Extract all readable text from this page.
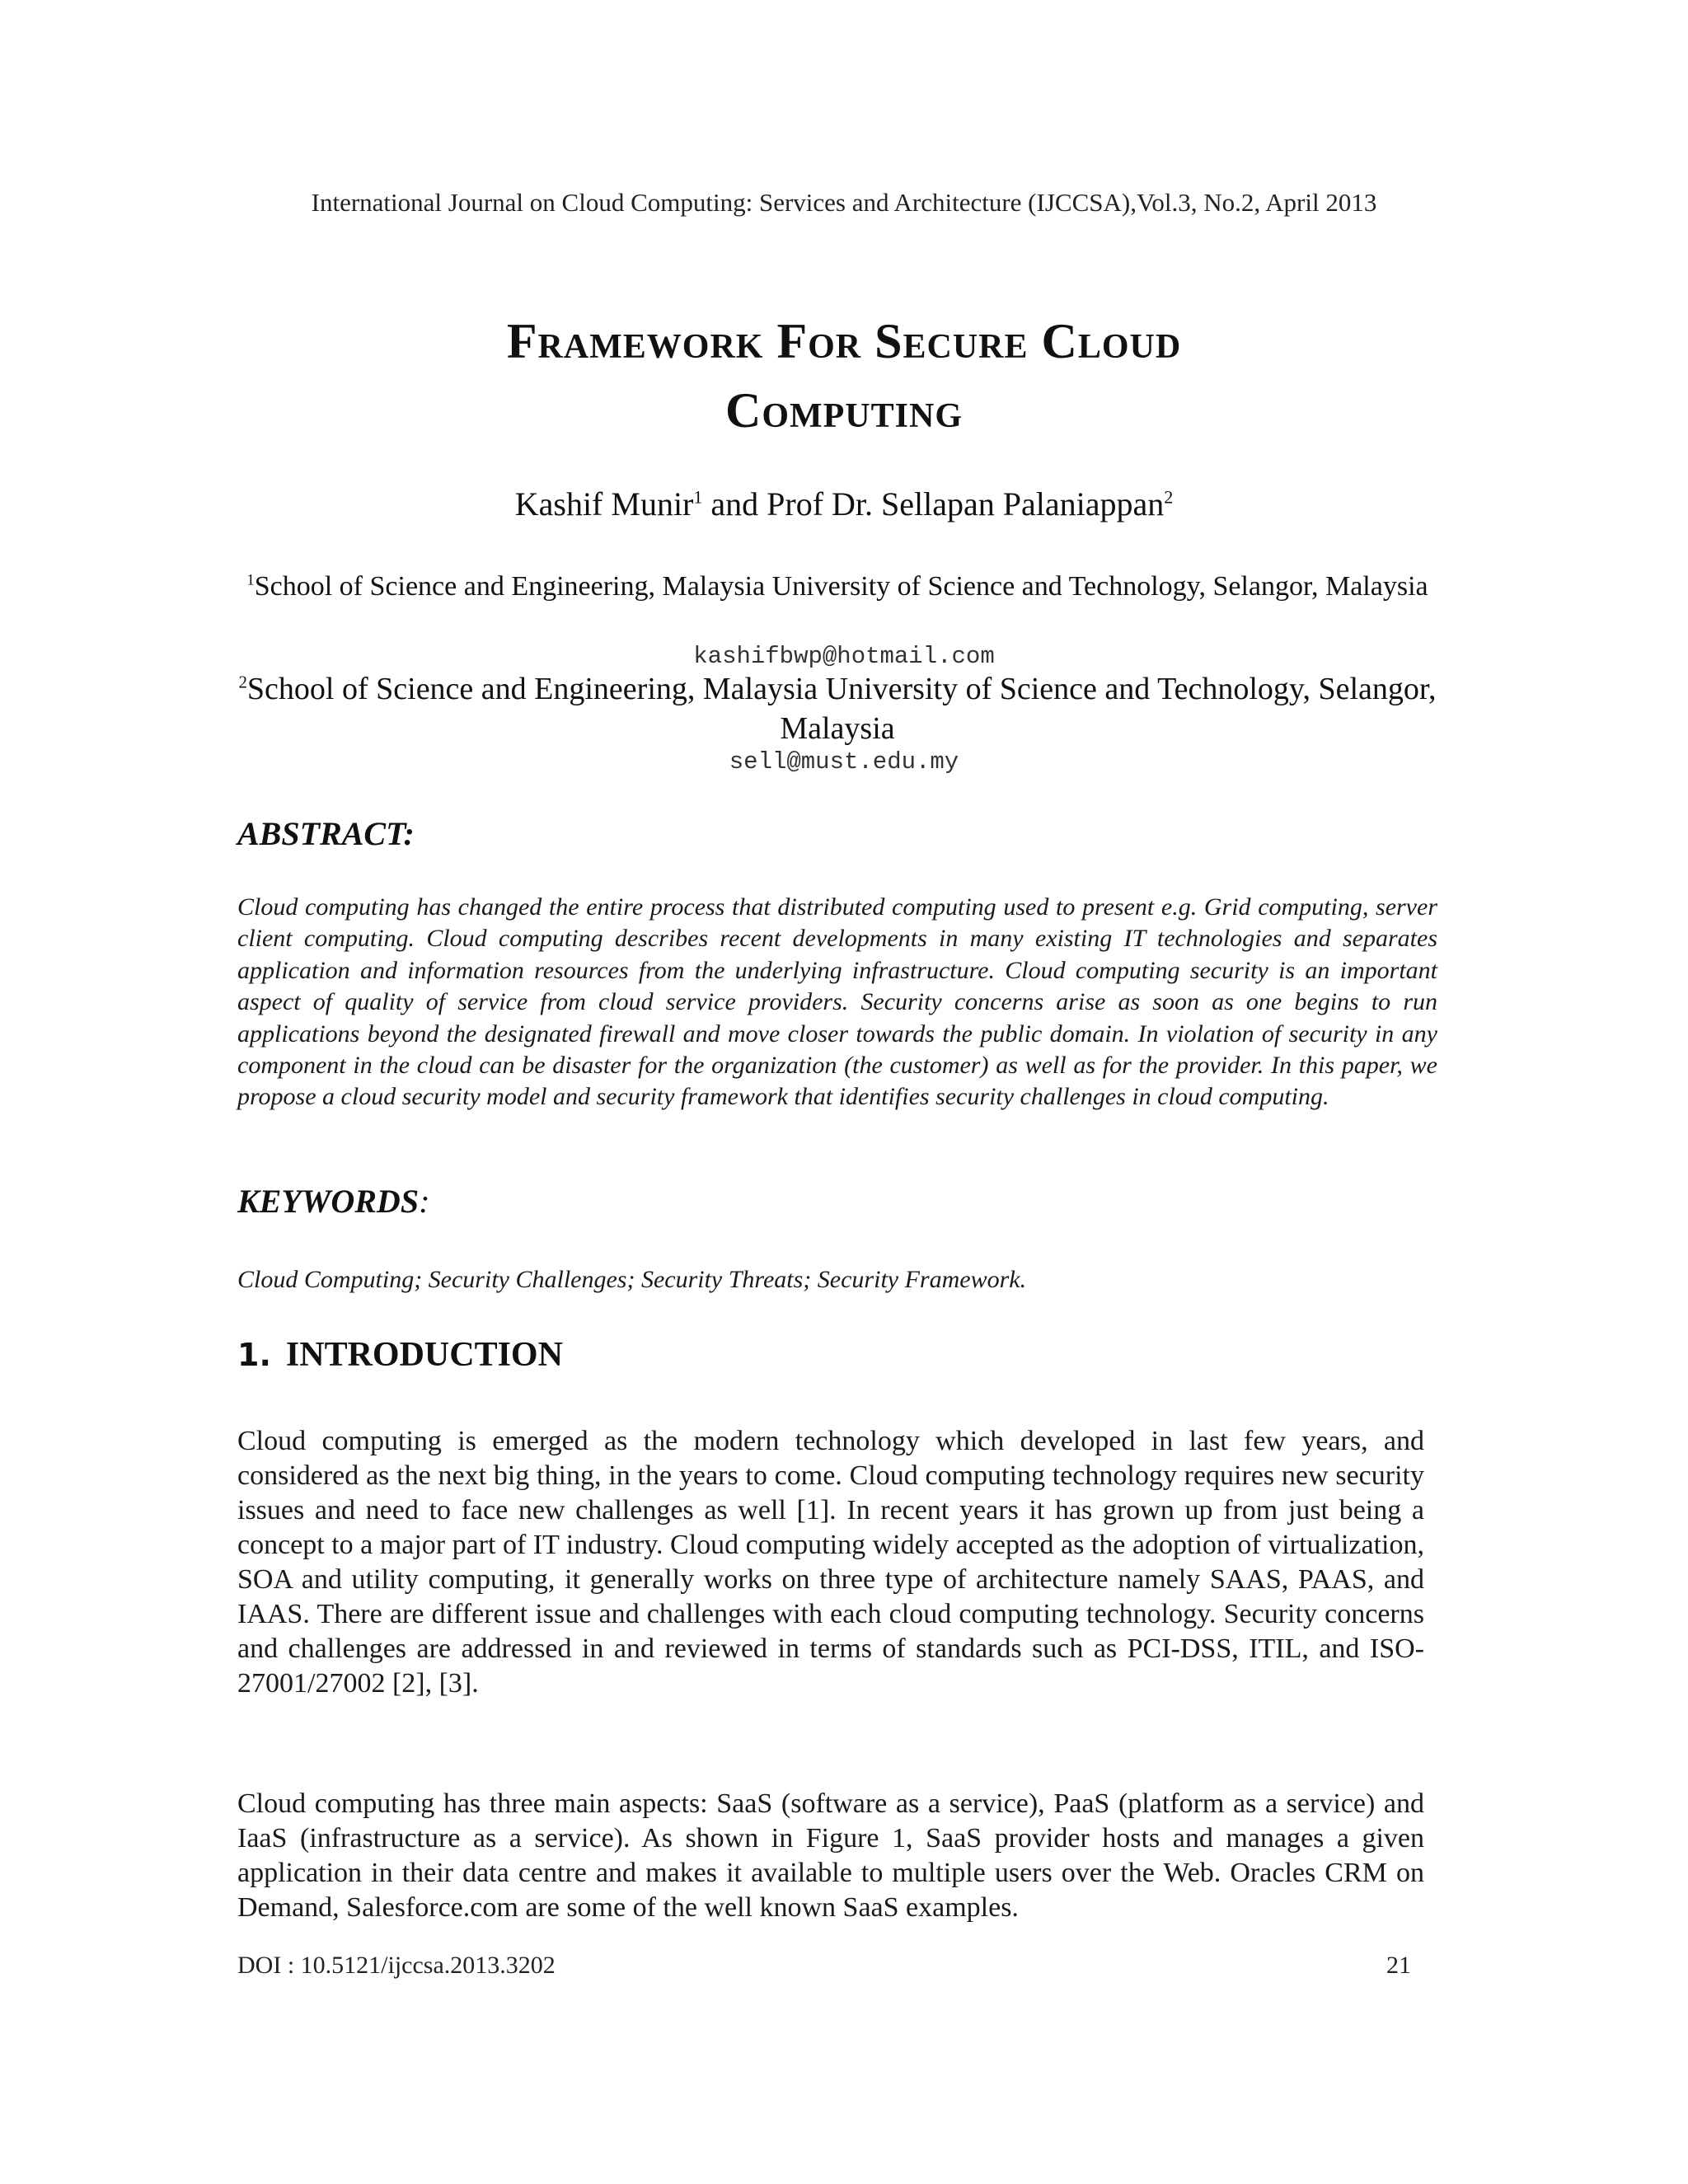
International Journal on Cloud Computing: Services and Architecture (IJCCSA),Vol.3, No.2, April 2013
Framework For Secure Cloud
Computing
Kashif Munir$^1$ and Prof Dr. Sellapan Palaniappan$^2$
$^1$School of Science and Engineering, Malaysia University of Science and Technology, Selangor, Malaysia
kashifbwp@hotmail.com
$^2$School of Science and Engineering, Malaysia University of Science and Technology, Selangor, Malaysia
sell@must.edu.my
ABSTRACT:
Cloud computing has changed the entire process that distributed computing used to present e.g. Grid computing, server client computing. Cloud computing describes recent developments in many existing IT technologies and separates application and information resources from the underlying infrastructure. Cloud computing security is an important aspect of quality of service from cloud service providers. Security concerns arise as soon as one begins to run applications beyond the designated firewall and move closer towards the public domain. In violation of security in any component in the cloud can be disaster for the organization (the customer) as well as for the provider. In this paper, we propose a cloud security model and security framework that identifies security challenges in cloud computing.
KEYWORDS:
Cloud Computing; Security Challenges; Security Threats; Security Framework.
1. INTRODUCTION
Cloud computing is emerged as the modern technology which developed in last few years, and considered as the next big thing, in the years to come. Cloud computing technology requires new security issues and need to face new challenges as well [1]. In recent years it has grown up from just being a concept to a major part of IT industry. Cloud computing widely accepted as the adoption of virtualization, SOA and utility computing, it generally works on three type of architecture namely SAAS, PAAS, and IAAS. There are different issue and challenges with each cloud computing technology. Security concerns and challenges are addressed in and reviewed in terms of standards such as PCI-DSS, ITIL, and ISO-27001/27002 [2], [3].
Cloud computing has three main aspects: SaaS (software as a service), PaaS (platform as a service) and IaaS (infrastructure as a service). As shown in Figure 1, SaaS provider hosts and manages a given application in their data centre and makes it available to multiple users over the Web. Oracles CRM on Demand, Salesforce.com are some of the well known SaaS examples.
DOI : 10.5121/ijccsa.2013.3202	21
